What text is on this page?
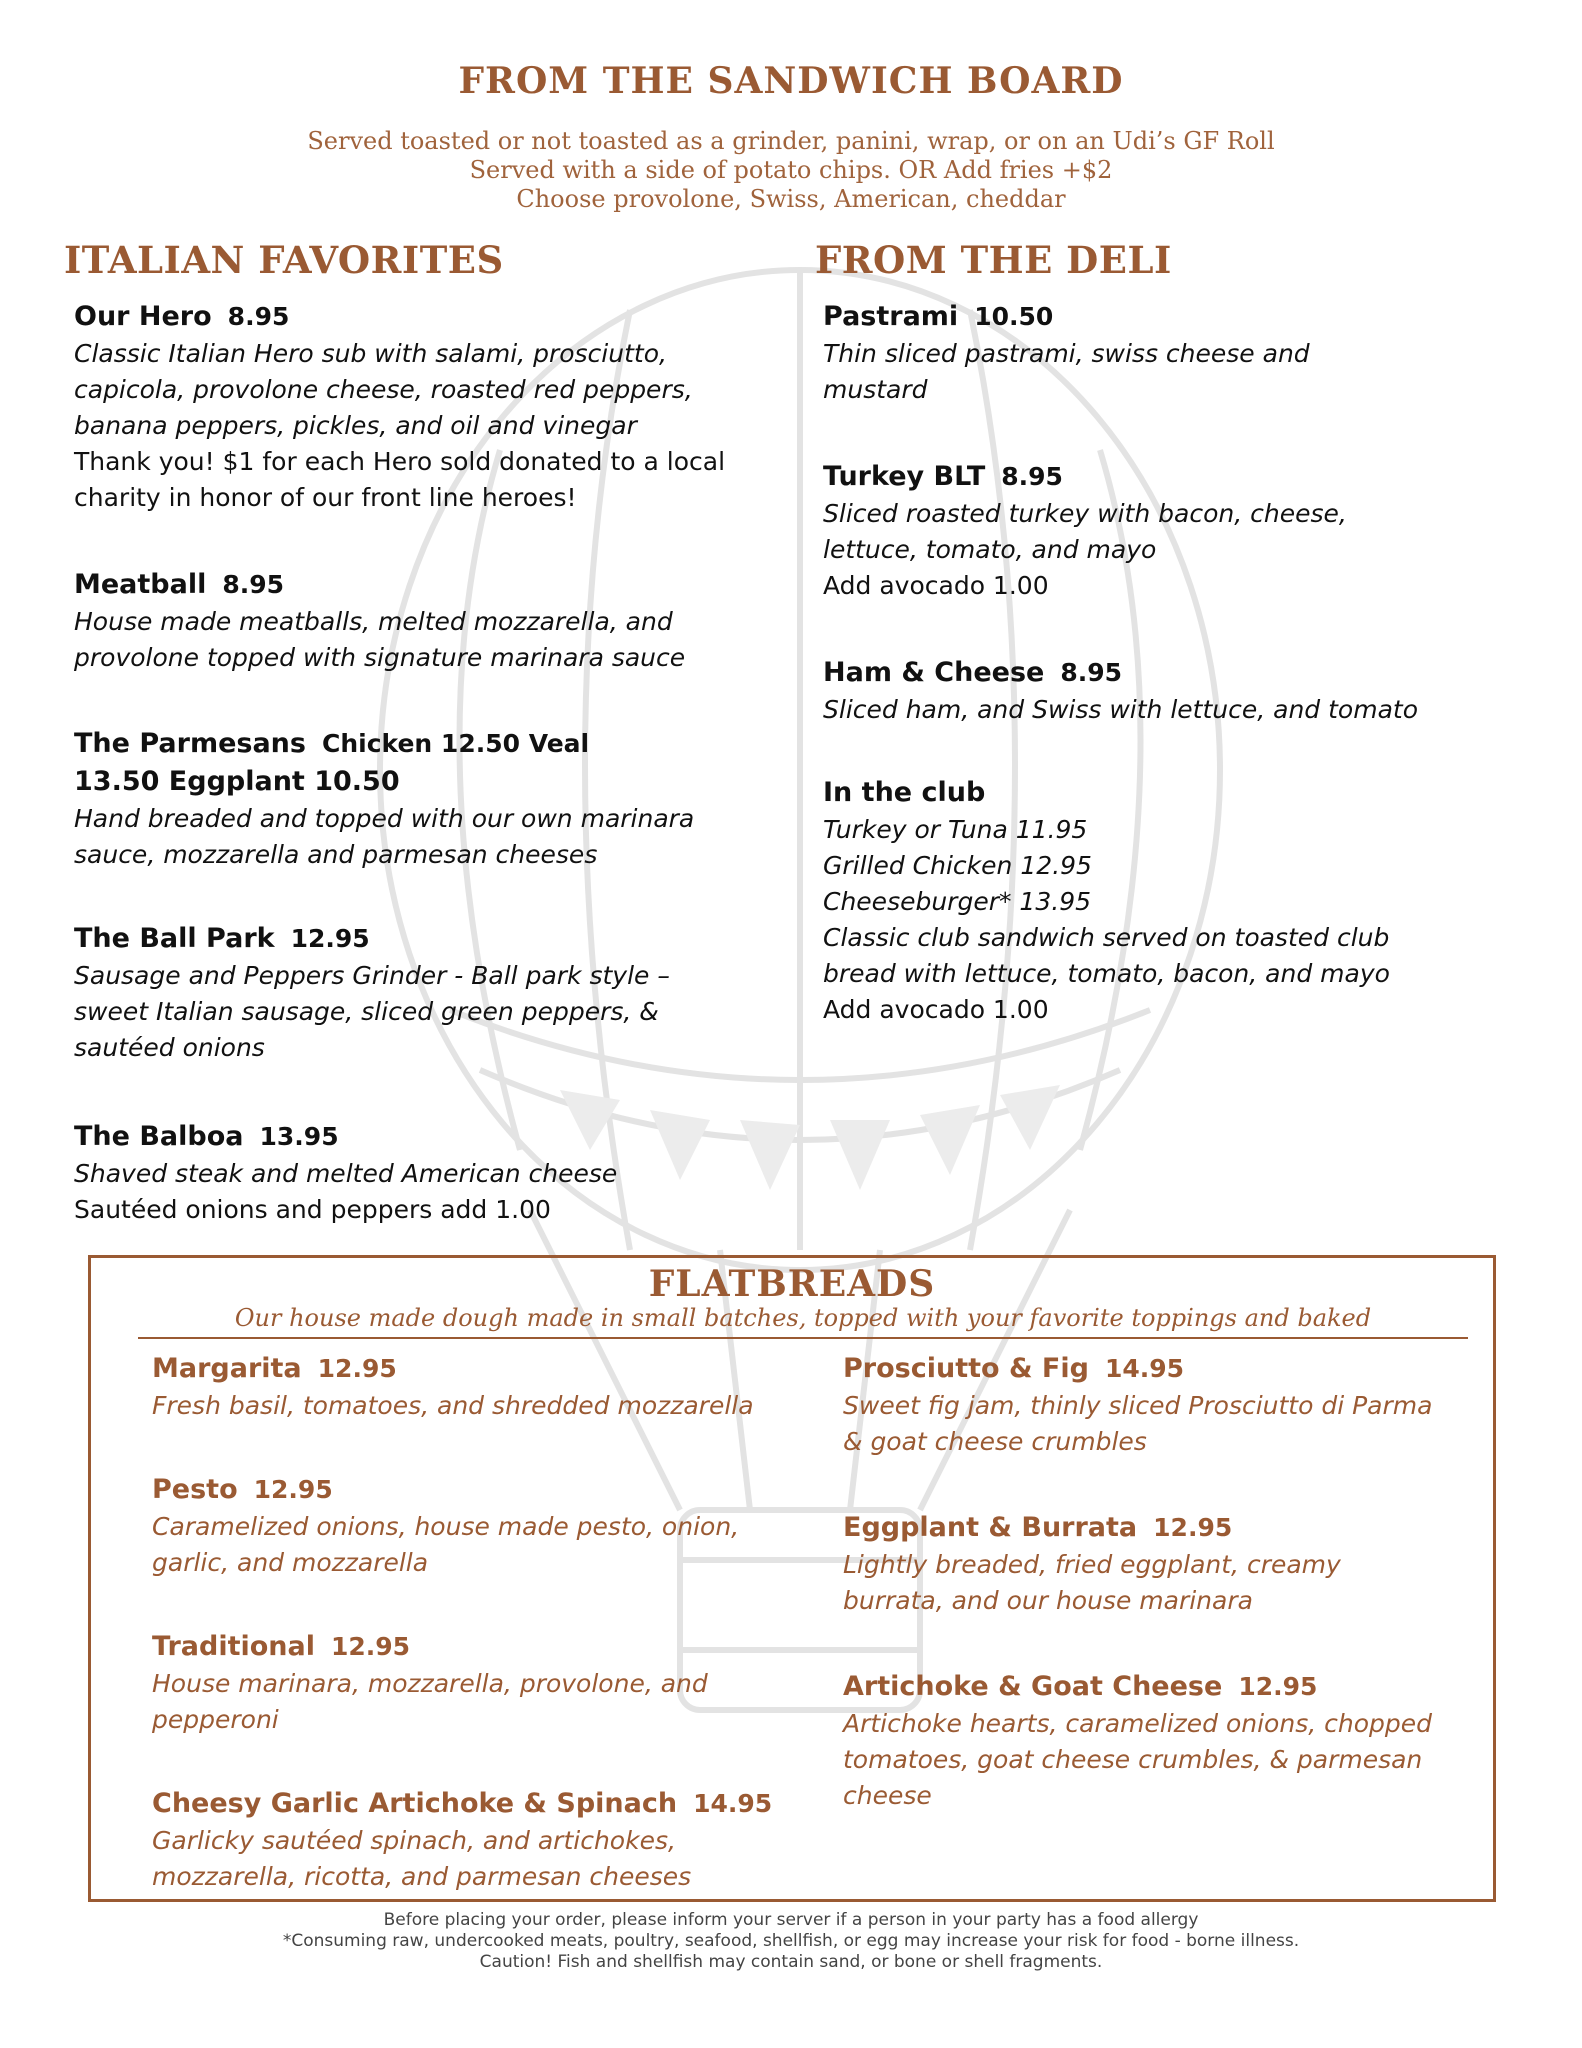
FROM THE SANDWICH BOARD
Served toasted or not toasted as a grinder, panini, wrap, or on an Udi’s GF Roll
Served with a side of potato chips. OR Add fries +$2
Choose provolone, Swiss, American, cheddar
ITALIAN FAVORITES
Our Hero 8.95
Classic Italian Hero sub with salami, prosciutto,
capicola, provolone cheese, roasted red peppers,
banana peppers, pickles, and oil and vinegar
Thank you! $1 for each Hero sold donated to a local
charity in honor of our front line heroes!
Meatball 8.95
House made meatballs, melted mozzarella, and
provolone topped with signature marinara sauce
The Parmesans Chicken 12.50 Veal
13.50 Eggplant 10.50
Hand breaded and topped with our own marinara
sauce, mozzarella and parmesan cheeses
The Ball Park 12.95
Sausage and Peppers Grinder - Ball park style –
sweet Italian sausage, sliced green peppers, &
sautéed onions
The Balboa 13.95
Shaved steak and melted American cheese
Sautéed onions and peppers add 1.00
FROM THE DELI
Pastrami 10.50
Thin sliced pastrami, swiss cheese and
mustard
Turkey BLT 8.95
Sliced roasted turkey with bacon, cheese,
lettuce, tomato, and mayo
Add avocado 1.00
Ham & Cheese 8.95
Sliced ham, and Swiss with lettuce, and tomato
In the club
Turkey or Tuna 11.95
Grilled Chicken 12.95
Cheeseburger* 13.95
Classic club sandwich served on toasted club
bread with lettuce, tomato, bacon, and mayo
Add avocado 1.00
FLATBREADS
Our house made dough made in small batches, topped with your favorite toppings and baked
Margarita 12.95
Fresh basil, tomatoes, and shredded mozzarella
Pesto 12.95
Caramelized onions, house made pesto, onion,
garlic, and mozzarella
Traditional 12.95
House marinara, mozzarella, provolone, and
pepperoni
Cheesy Garlic Artichoke & Spinach 14.95
Garlicky sautéed spinach, and artichokes,
mozzarella, ricotta, and parmesan cheeses
Prosciutto & Fig 14.95
Sweet fig jam, thinly sliced Prosciutto di Parma
& goat cheese crumbles
Eggplant & Burrata 12.95
Lightly breaded, fried eggplant, creamy
burrata, and our house marinara
Artichoke & Goat Cheese 12.95
Artichoke hearts, caramelized onions, chopped
tomatoes, goat cheese crumbles, & parmesan
cheese
Before placing your order, please inform your server if a person in your party has a food allergy
*Consuming raw, undercooked meats, poultry, seafood, shellfish, or egg may increase your risk for food - borne illness.
Caution! Fish and shellfish may contain sand, or bone or shell fragments.
